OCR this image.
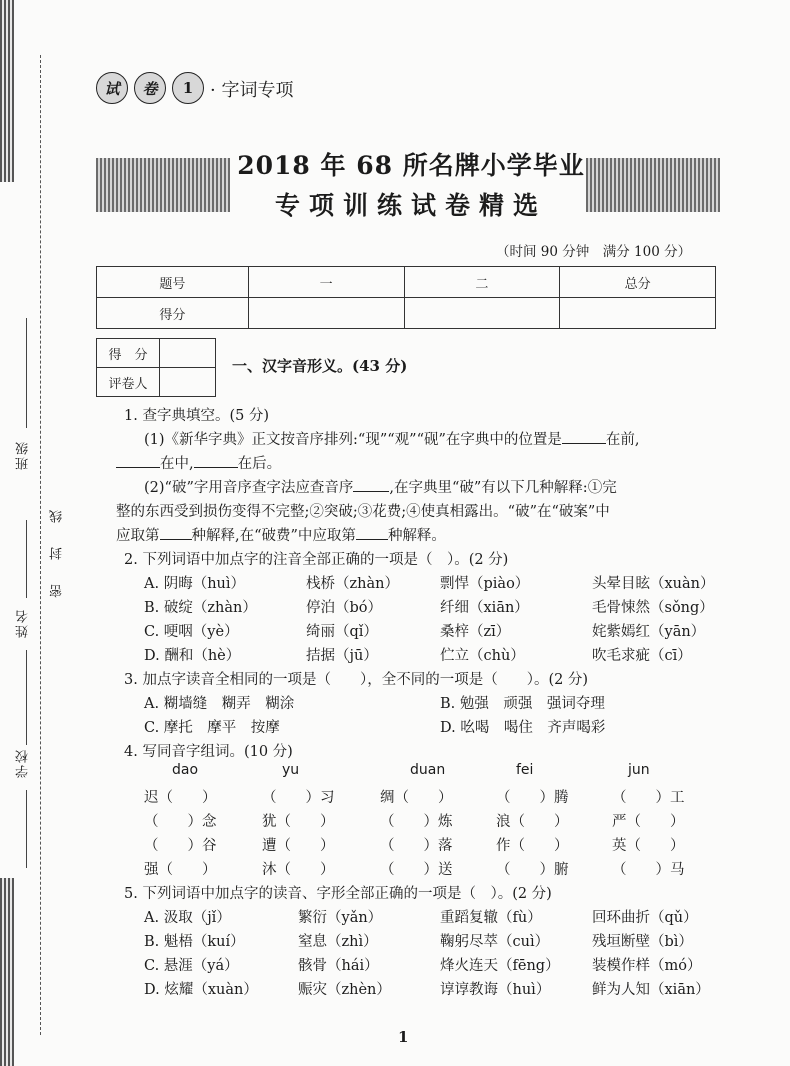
班级
姓名
学校
密 封 线
试	卷	1 · 字词专项
2018 年 68 所名牌小学毕业
专项训练试卷精选
（时间 90 分钟　满分 100 分）
题号	一	二	总分
得分			
得　分	
评卷人	
一、汉字音形义。(43 分)
1. 查字典填空。(5 分)
(1)《新华字典》正文按音序排列:“现”“观”“砚”在字典中的位置是	在前,
在中,	在后。
(2)“破”字用音序查字法应查音序 ,在字典里“破”有以下几种解释:①完
整的东西受到损伤变得不完整;②突破;③花费;④使真相露出。“破”在“破案”中
应取第 种解释,在“破费”中应取第 种解释。
2. 下列词语中加点字的注音全部正确的一项是（　）。(2 分)
A. 阴晦（huì）	栈桥（zhàn）	剽悍（piào）	头晕目眩（xuàn）
B. 破绽（zhàn）	停泊（bó）	纤细（xiān）	毛骨悚然（sǒng）
C. 哽咽（yè）	绮丽（qǐ）	桑梓（zī）	姹紫嫣红（yān）
D. 酬和（hè）	拮据（jū）	伫立（chù）	吹毛求疵（cī）
3. 加点字读音全相同的一项是（　　），全不同的一项是（　　）。(2 分)
A. 糊墙缝　糊弄　糊涂	B. 勉强　顽强　强词夺理
C. 摩托　摩平　按摩	D. 吆喝　喝住　齐声喝彩
4. 写同音字组词。(10 分)
dao	yu	duan	fei	jun
迟（　　）	（　　）习	绸（　　）	（　　）腾	（　　）工
（　　）念	犹（　　）	（　　）炼	浪（　　）	严（　　）
（　　）谷	遭（　　）	（　　）落	作（　　）	英（　　）
强（　　）	沐（　　）	（　　）送	（　　）腑	（　　）马
5. 下列词语中加点字的读音、字形全部正确的一项是（　）。(2 分)
A. 汲取（jǐ）	繁衍（yǎn）	重蹈复辙（fù）	回环曲折（qǔ）
B. 魁梧（kuí）	窒息（zhì）	鞠躬尽萃（cuì）	残垣断壁（bì）
C. 悬涯（yá）	骸骨（hái）	烽火连天（fēng） 装模作样（mó）
D. 炫耀（xuàn）	赈灾（zhèn）	谆谆教诲（huì）	鲜为人知（xiān）
1
